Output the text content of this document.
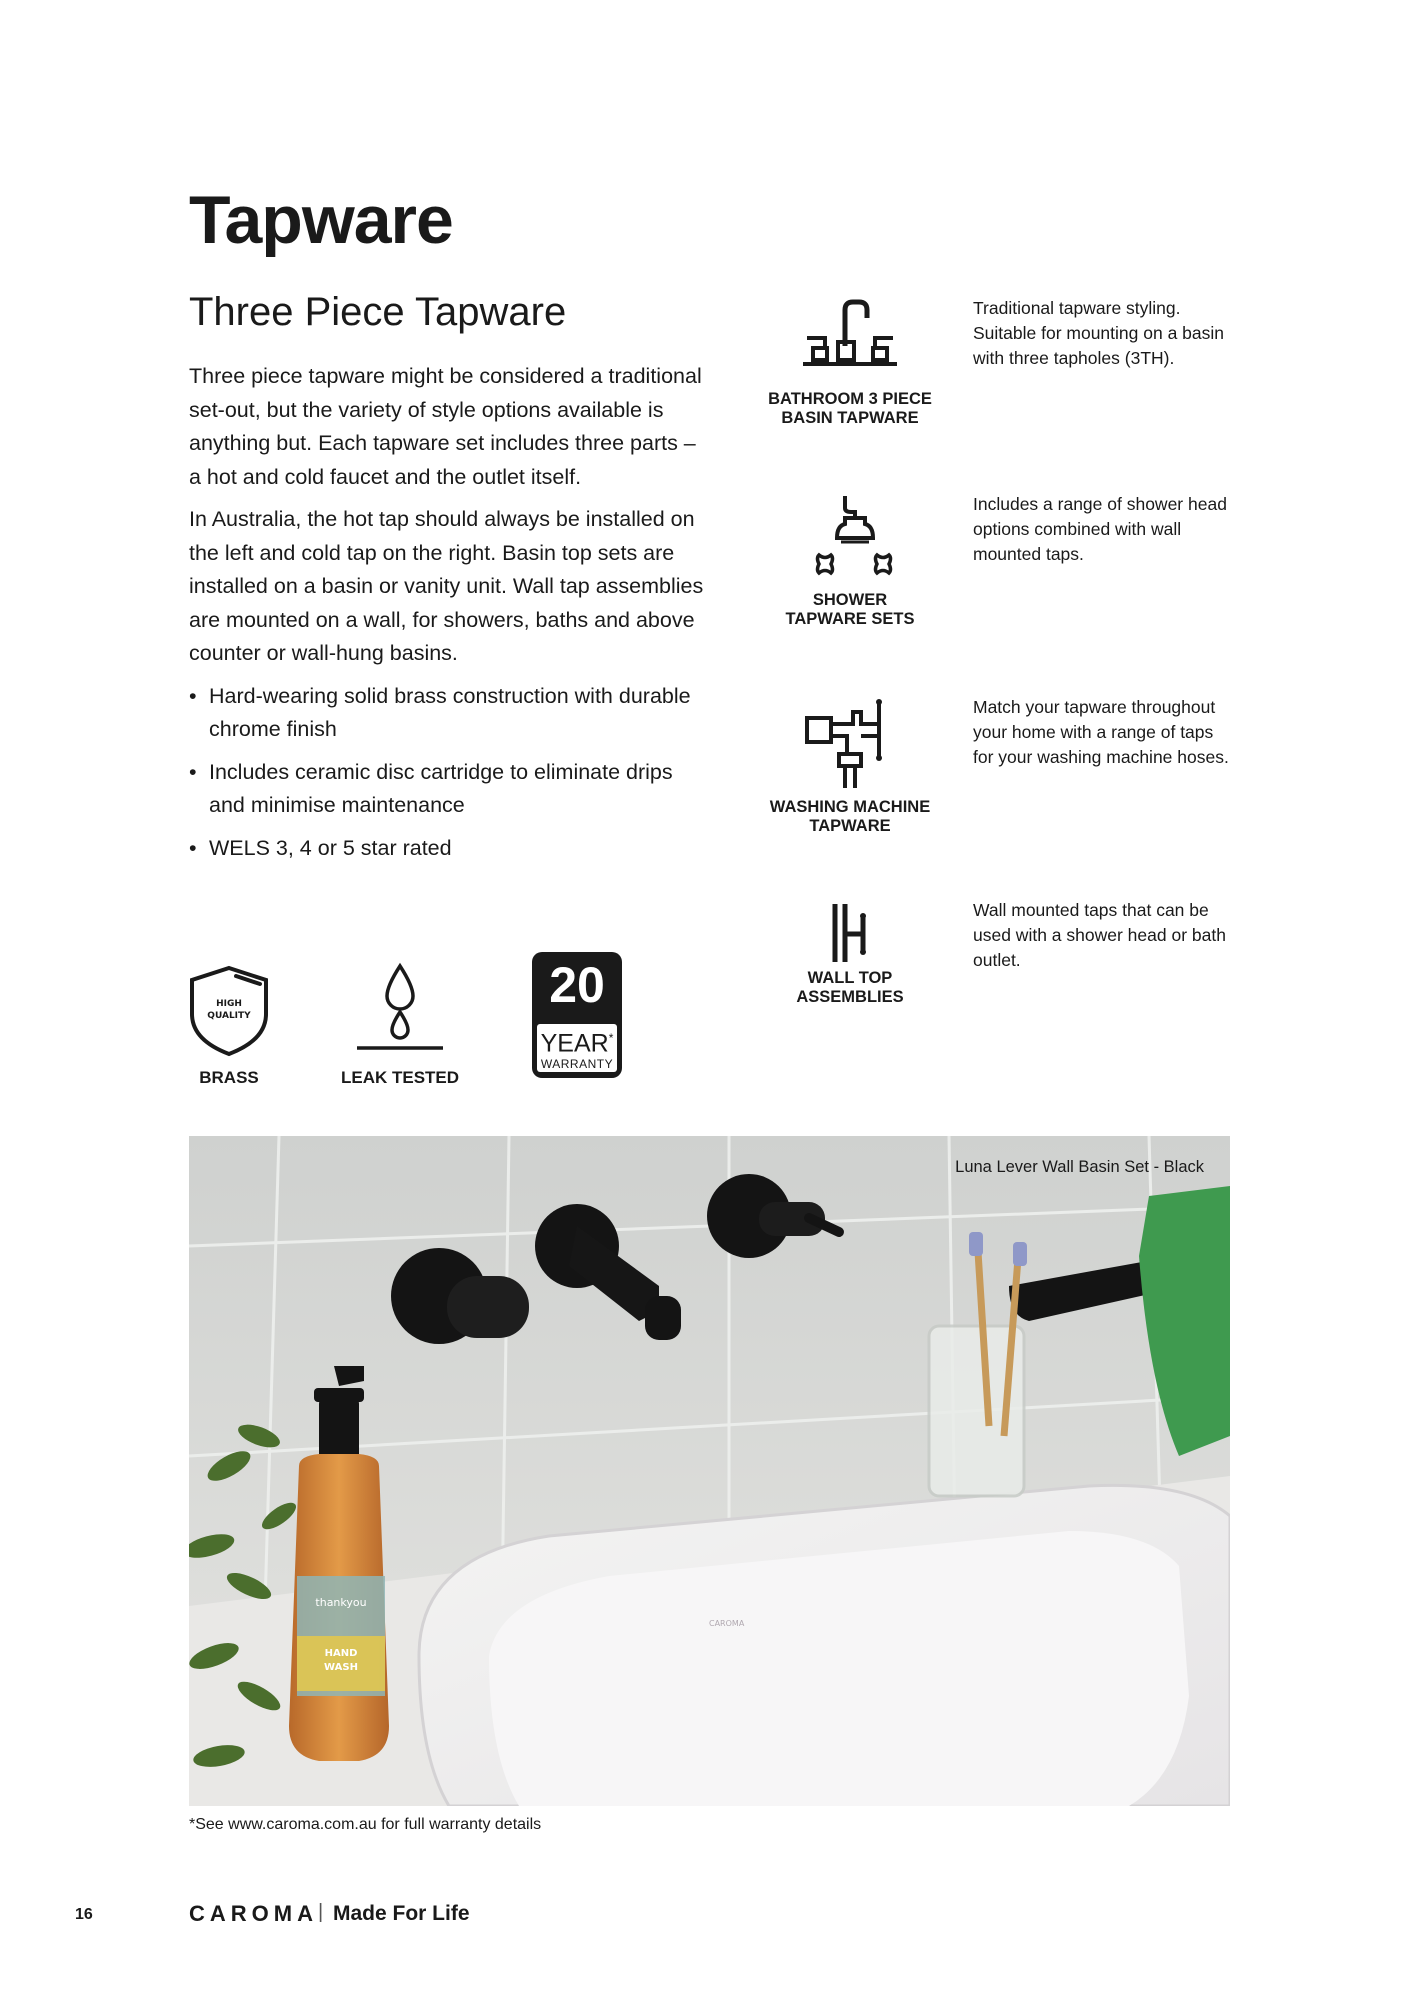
Tapware
Three Piece Tapware

Three piece tapware might be considered a traditional set-out, but the variety of style options available is anything but. Each tapware set includes three parts – a hot and cold faucet and the outlet itself.

In Australia, the hot tap should always be installed on the left and cold tap on the right. Basin top sets are installed on a basin or vanity unit. Wall tap assemblies are mounted on a wall, for showers, baths and above counter or wall-hung basins.

• Hard-wearing solid brass construction with durable chrome finish
• Includes ceramic disc cartridge to eliminate drips and minimise maintenance
• WELS 3, 4 or 5 star rated
HIGH
QUALITY
BRASS	LEAK TESTED
20
YEAR*
WARRANTY
BATHROOM 3 PIECE
BASIN TAPWARE
Traditional tapware styling. Suitable for mounting on a basin with three tapholes (3TH).
SHOWER
TAPWARE SETS
Includes a range of shower head options combined with wall mounted taps.
WASHING MACHINE
TAPWARE
Match your tapware throughout your home with a range of taps for your washing machine hoses.
WALL TOP
ASSEMBLIES
Wall mounted taps that can be used with a shower head or bath outlet.
CAROMA
thankyou
HAND
WASH
Luna Lever Wall Basin Set - Black
*See www.caroma.com.au for full warranty details
16	CAROMA | Made For Life
